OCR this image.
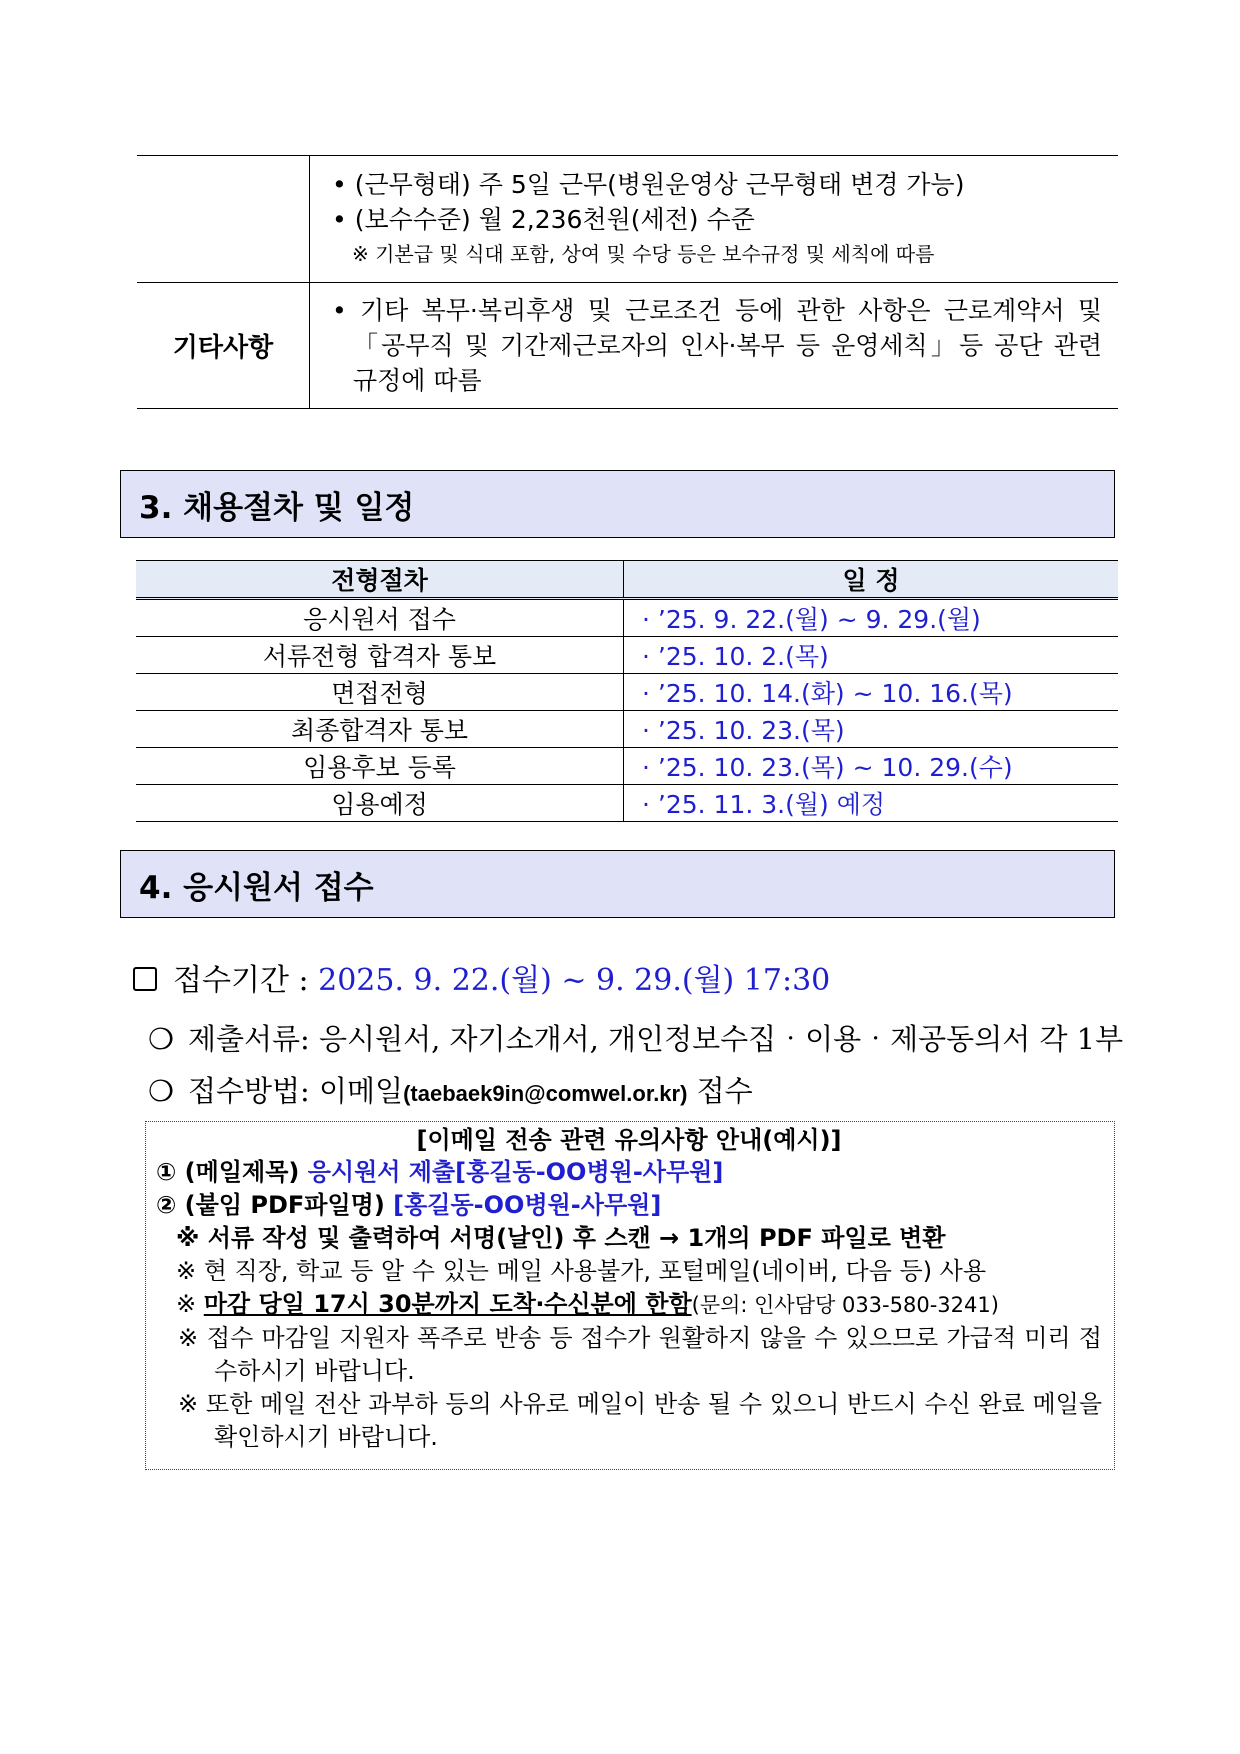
	• (근무형태) 주 5일 근무(병원운영상 근무형태 변경 가능)
• (보수수준) 월 2,236천원(세전) 수준
※ 기본급 및 식대 포함, 상여 및 수당 등은 보수규정 및 세칙에 따름

기타사항	• 기타 복무·복리후생 및 근로조건 등에 관한 사항은 근로계약서 및 「공무직 및 기간제근로자의 인사·복무 등 운영세칙」등 공단 관련 규정에 따름
3. 채용절차 및 일정
전형절차	일 정
응시원서 접수	· ’25. 9. 22.(월) ~ 9. 29.(월)
서류전형 합격자 통보	· ’25. 10. 2.(목)
면접전형	· ’25. 10. 14.(화) ~ 10. 16.(목)
최종합격자 통보	· ’25. 10. 23.(목)
임용후보 등록	· ’25. 10. 23.(목) ~ 10. 29.(수)
임용예정	· ’25. 11. 3.(월) 예정
4. 응시원서 접수
접수기간 : 2025. 9. 22.(월) ~ 9. 29.(월) 17:30
❍ 제출서류: 응시원서, 자기소개서, 개인정보수집‧이용‧제공동의서 각 1부
❍ 접수방법: 이메일(taebaek9in@comwel.or.kr) 접수
[이메일 전송 관련 유의사항 안내(예시)]
① (메일제목) 응시원서 제출[홍길동-OO병원-사무원]
② (붙임 PDF파일명) [홍길동-OO병원-사무원]
※ 서류 작성 및 출력하여 서명(날인) 후 스캔 → 1개의 PDF 파일로 변환
※ 현 직장, 학교 등 알 수 있는 메일 사용불가, 포털메일(네이버, 다음 등) 사용
※ 마감 당일 17시 30분까지 도착‧수신분에 한함(문의: 인사담당 033-580-3241)
※ 접수 마감일 지원자 폭주로 반송 등 접수가 원활하지 않을 수 있으므로 가급적 미리 접수하시기 바랍니다.
※ 또한 메일 전산 과부하 등의 사유로 메일이 반송 될 수 있으니 반드시 수신 완료 메일을 확인하시기 바랍니다.
